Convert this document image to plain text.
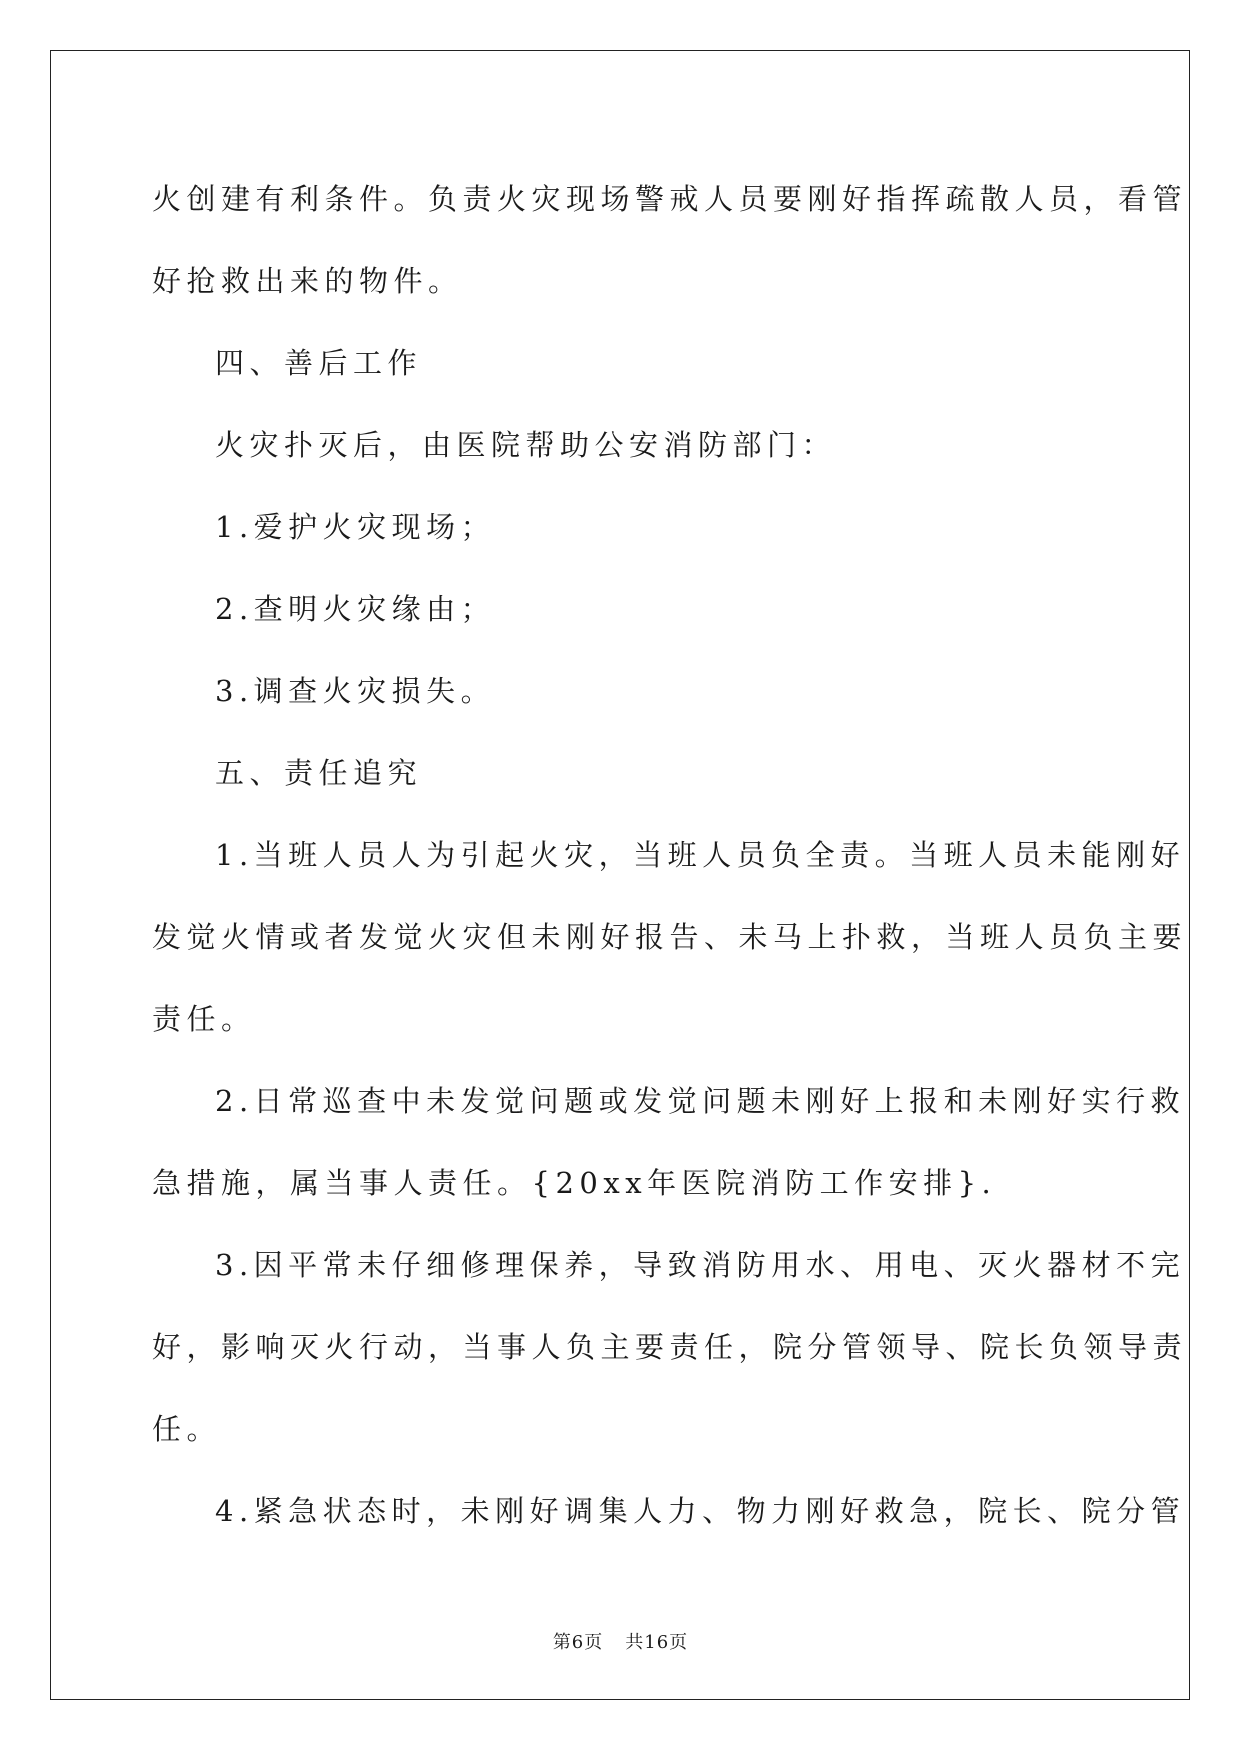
火创建有利条件。负责火灾现场警戒人员要刚好指挥疏散人员，看管
好抢救出来的物件。
四、善后工作
火灾扑灭后，由医院帮助公安消防部门：
1.爱护火灾现场；
2.查明火灾缘由；
3.调查火灾损失。
五、责任追究
1.当班人员人为引起火灾，当班人员负全责。当班人员未能刚好
发觉火情或者发觉火灾但未刚好报告、未马上扑救，当班人员负主要
责任。
2.日常巡查中未发觉问题或发觉问题未刚好上报和未刚好实行救
急措施，属当事人责任。{20xx年医院消防工作安排}.
3.因平常未仔细修理保养，导致消防用水、用电、灭火器材不完
好，影响灭火行动，当事人负主要责任，院分管领导、院长负领导责
任。
4.紧急状态时，未刚好调集人力、物力刚好救急，院长、院分管
第6页 共16页
